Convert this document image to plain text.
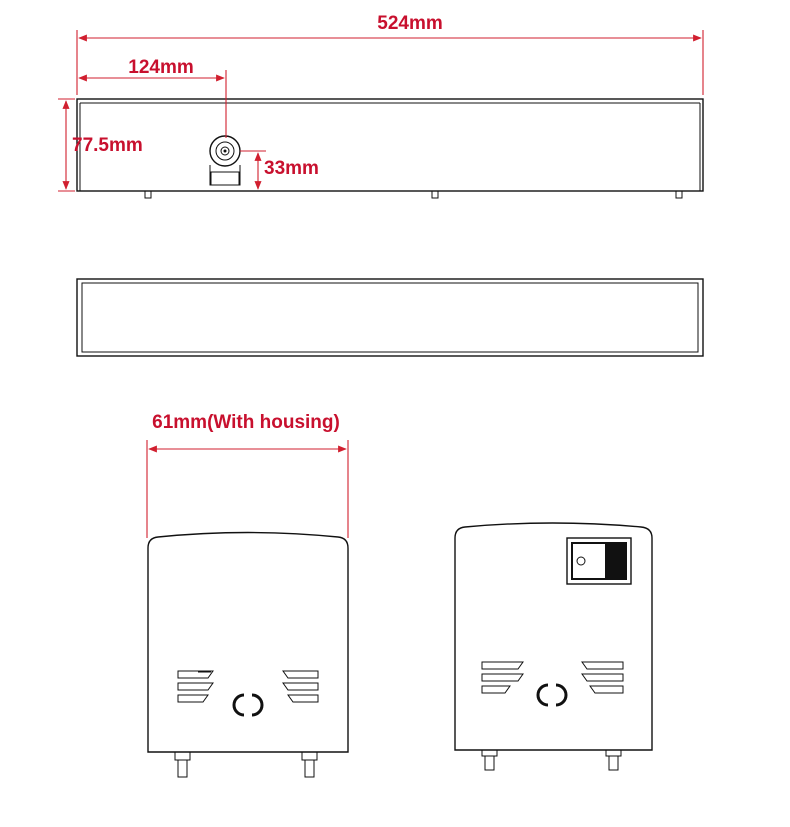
524mm
124mm
77.5mm
33mm
61mm(With housing)
